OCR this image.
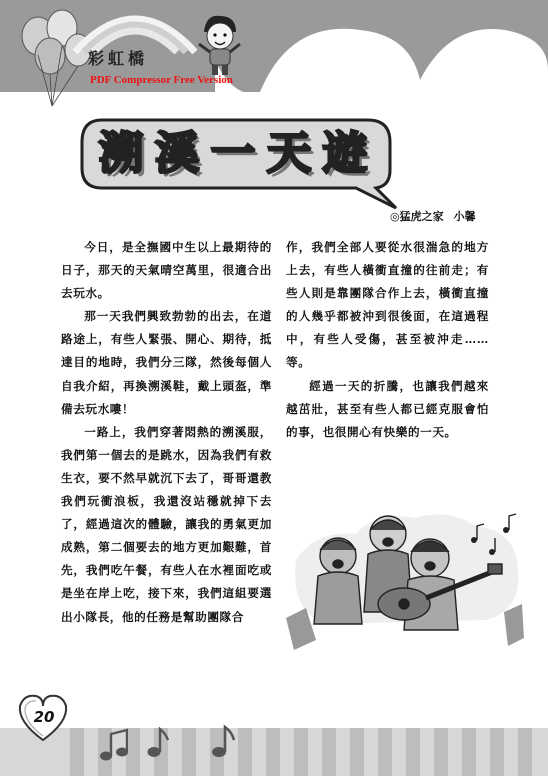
彩虹橋
PDF Compressor Free Version
溯溪一天遊
◎猛虎之家 小馨

今日，是全撫國中生以上最期待的日子，那天的天氣晴空萬里，很適合出去玩水。

那一天我們興致勃勃的出去，在道路途上，有些人緊張、開心、期待，抵達目的地時，我們分三隊，然後每個人自我介紹，再換溯溪鞋，戴上頭盔，準備去玩水嘍！

一路上，我們穿著悶熱的溯溪服，我們第一個去的是跳水，因為我們有救生衣，要不然早就沉下去了，哥哥還教我們玩衝浪板，我還沒站穩就掉下去了，經過這次的體驗，讓我的勇氣更加成熟，第二個要去的地方更加艱難，首先，我們吃午餐，有些人在水裡面吃或是坐在岸上吃，接下來，我們這組要選出小隊長，他的任務是幫助團隊合

作，我們全部人要從水很湍急的地方上去，有些人橫衝直撞的往前走；有些人則是靠團隊合作上去，橫衝直撞的人幾乎都被沖到很後面，在這過程中，有些人受傷，甚至被沖走……等。

經過一天的折騰，也讓我們越來越茁壯，甚至有些人都已經克服會怕的事，也很開心有快樂的一天。

20
